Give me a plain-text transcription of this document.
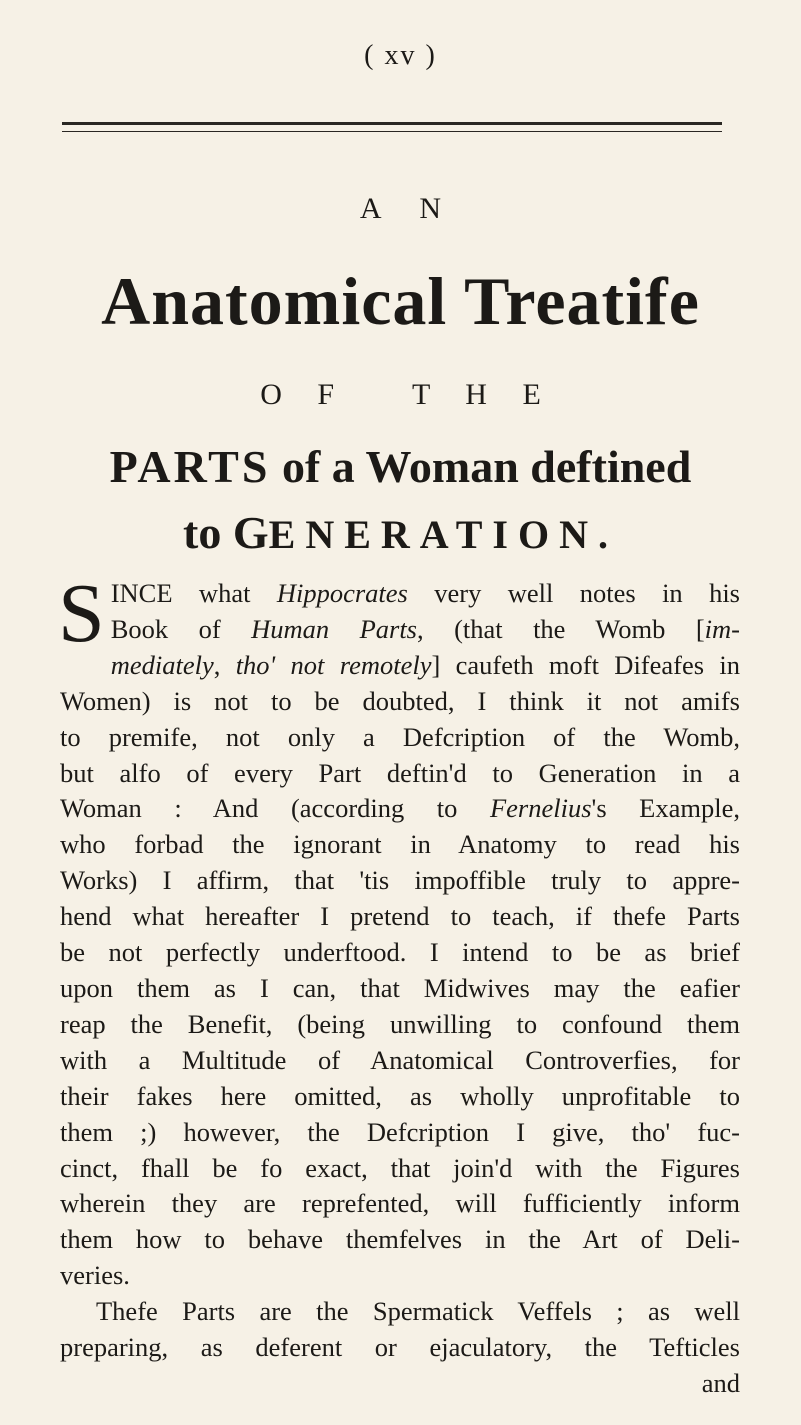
( xv )
A N
Anatomical Treatife
O F   T H E
PARTS of a Woman deftined
to GENERATION.
S INCE what Hippocrates very well notes in his
Book of Human Parts, (that the Womb [im-
mediately, tho' not remotely] caufeth moft Difeafes in
Women) is not to be doubted, I think it not amifs
to premife, not only a Defcription of the Womb,
but alfo of every Part deftin'd to Generation in a
Woman : And (according to Fernelius's Example,
who forbad the ignorant in Anatomy to read his
Works) I affirm, that 'tis impoffible truly to appre-
hend what hereafter I pretend to teach, if thefe Parts
be not perfectly underftood. I intend to be as brief
upon them as I can, that Midwives may the eafier
reap the Benefit, (being unwilling to confound them
with a Multitude of Anatomical Controverfies, for
their fakes here omitted, as wholly unprofitable to
them ;) however, the Defcription I give, tho' fuc-
cinct, fhall be fo exact, that join'd with the Figures
wherein they are reprefented, will fufficiently inform
them how to behave themfelves in the Art of Deli-
veries.
Thefe Parts are the Spermatick Veffels ; as well
preparing, as deferent or ejaculatory, the Tefticles
and
